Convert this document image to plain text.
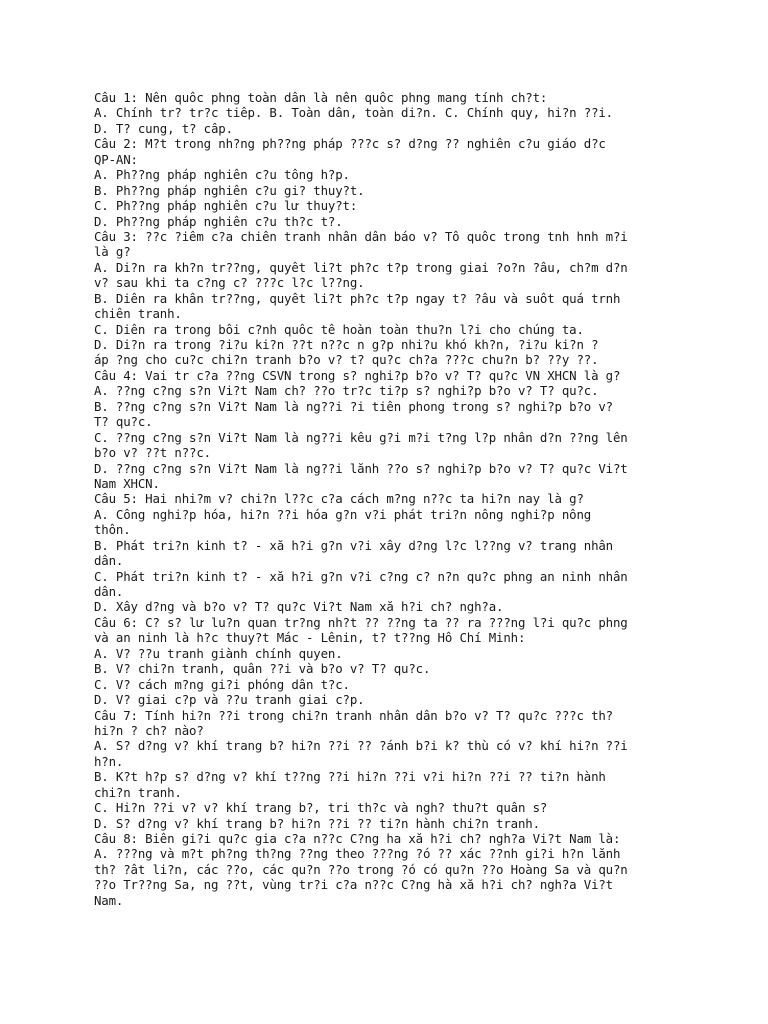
Câu 1: Nên quôc phng toàn dân là nên quôc phng mang tính ch?t:
A. Chính tr? tr?c tiêp. B. Toàn dân, toàn di?n. C. Chính quy, hi?n ??i.
D. T? cung, t? câp.
Câu 2: M?t trong nh?ng ph??ng pháp ???c s? d?ng ?? nghiên c?u giáo d?c
QP-AN:
A. Ph??ng pháp nghiên c?u tông h?p.
B. Ph??ng pháp nghiên c?u gi? thuy?t.
C. Ph??ng pháp nghiên c?u lư thuy?t:
D. Ph??ng pháp nghiên c?u th?c t?.
Câu 3: ??c ?iêm c?a chiên tranh nhân dân báo v? Tô quôc trong tnh hnh m?i
là g?
A. Di?n ra kh?n tr??ng, quyêt li?t ph?c t?p trong giai ?o?n ?âu, ch?m d?n
v? sau khi ta c?ng c? ???c l?c l??ng.
B. Diên ra khân tr??ng, quyêt li?t ph?c t?p ngay t? ?âu và suôt quá trnh
chiên tranh.
C. Diên ra trong bôi c?nh quôc tê hoàn toàn thu?n l?i cho chúng ta.
D. Di?n ra trong ?i?u ki?n ??t n??c n g?p nhi?u khó kh?n, ?i?u ki?n ?
áp ?ng cho cu?c chi?n tranh b?o v? t? qu?c ch?a ???c chu?n b? ??y ??.
Câu 4: Vai tr c?a ??ng CSVN trong s? nghi?p b?o v? T? qu?c VN XHCN là g?
A. ??ng c?ng s?n Vi?t Nam ch? ??o tr?c ti?p s? nghi?p b?o v? T? qu?c.
B. ??ng c?ng s?n Vi?t Nam là ng??i ?i tiên phong trong s? nghi?p b?o v?
T? qu?c.
C. ??ng c?ng s?n Vi?t Nam là ng??i kêu g?i m?i t?ng l?p nhân d?n ??ng lên
b?o v? ??t n??c.
D. ??ng c?ng s?n Vi?t Nam là ng??i lănh ??o s? nghi?p b?o v? T? qu?c Vi?t
Nam XHCN.
Câu 5: Hai nhi?m v? chi?n l??c c?a cách m?ng n??c ta hi?n nay là g?
A. Công nghi?p hóa, hi?n ??i hóa g?n v?i phát tri?n nông nghi?p nông
thôn.
B. Phát tri?n kinh t? - xă h?i g?n v?i xây d?ng l?c l??ng v? trang nhân
dân.
C. Phát tri?n kinh t? - xă h?i g?n v?i c?ng c? n?n qu?c phng an ninh nhân
dân.
D. Xây d?ng và b?o v? T? qu?c Vi?t Nam xă h?i ch? ngh?a.
Câu 6: C? s? lư lu?n quan tr?ng nh?t ?? ??ng ta ?? ra ???ng l?i qu?c phng
và an ninh là h?c thuy?t Mác - Lênin, t? t??ng Hô Chí Minh:
A. V? ??u tranh giành chính quyen.
B. V? chi?n tranh, quân ??i và b?o v? T? qu?c.
C. V? cách m?ng gi?i phóng dân t?c.
D. V? giai c?p và ??u tranh giai c?p.
Câu 7: Tính hi?n ??i trong chi?n tranh nhân dân b?o v? T? qu?c ???c th?
hi?n ? ch? nào?
A. S? d?ng v? khí trang b? hi?n ??i ?? ?ánh b?i k? thù có v? khí hi?n ??i
h?n.
B. K?t h?p s? d?ng v? khí t??ng ??i hi?n ??i v?i hi?n ??i ?? ti?n hành
chi?n tranh.
C. Hi?n ??i v? v? khí trang b?, tri th?c và ngh? thu?t quân s?
D. S? d?ng v? khí trang b? hi?n ??i ?? ti?n hành chi?n tranh.
Câu 8: Biên gi?i qu?c gia c?a n??c C?ng ha xă h?i ch? ngh?a Vi?t Nam là:
A. ???ng và m?t ph?ng th?ng ??ng theo ???ng ?ó ?? xác ??nh gi?i h?n lănh
th? ?ât li?n, các ??o, các qu?n ??o trong ?ó có qu?n ??o Hoàng Sa và qu?n
??o Tr??ng Sa, ng ??t, vùng tr?i c?a n??c C?ng hà xă h?i ch? ngh?a Vi?t
Nam.
